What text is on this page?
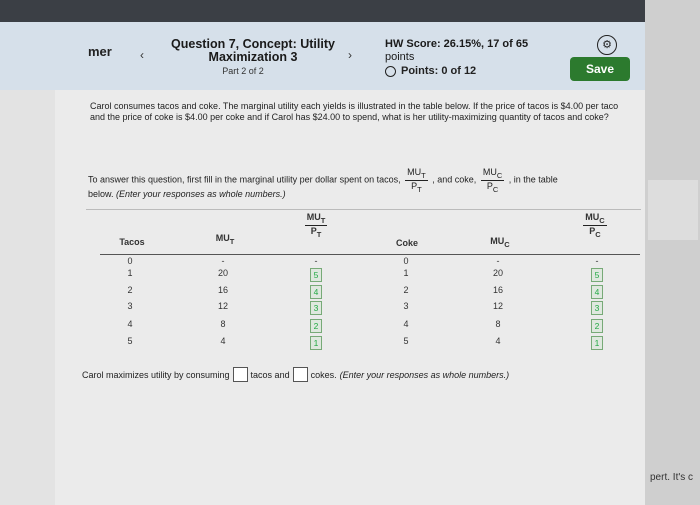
mer ‹
Question 7, Concept: Utility Maximization 3
Part 2 of 2
›
HW Score: 26.15%, 17 of 65
points
Points: 0 of 12
⚙
Save
Carol consumes tacos and coke. The marginal utility each yields is illustrated in the table below. If the price of tacos is $4.00 per taco and the price of coke is $4.00 per coke and if Carol has $24.00 to spend, what is her utility-maximizing quantity of tacos and coke?
To answer this question, first fill in the marginal utility per dollar spent on tacos, $\frac{MU_T}{P_T}$ , and coke, $\frac{MU_C}{P_C}$ , in the table
below. (Enter your responses as whole numbers.)
Tacos	$MU_T$
$\frac{MU_T}{P_T}$
Coke	$MU_C$
$\frac{MU_C}{P_C}$
0
1
2
3
4
5
-
20
16
12
8
4
-
5
4
3
2
1
0
1
2
3
4
5
-
20
16
12
8
4
-
5
4
3
2
1
Carol maximizes utility by consuming tacos and cokes. (Enter your responses as whole numbers.)
pert. It's c
